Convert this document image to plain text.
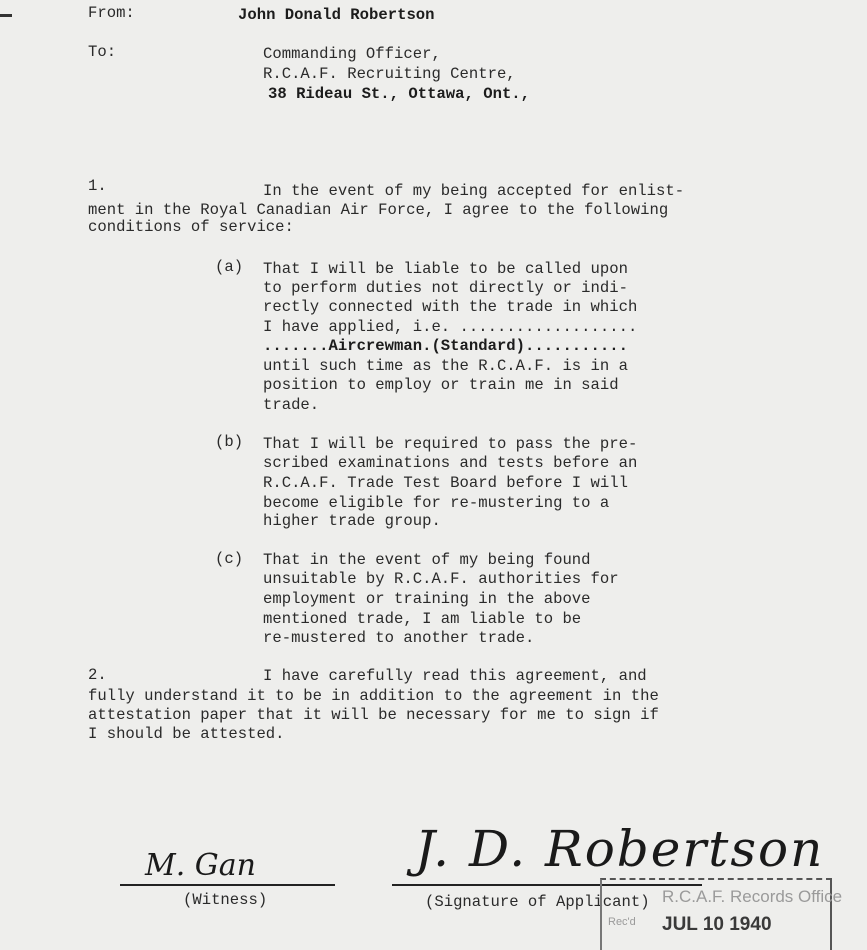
From:	John Donald Robertson
To:	Commanding Officer,
R.C.A.F. Recruiting Centre,
38 Rideau St., Ottawa, Ont.,
1.	In the event of my being accepted for enlist-
ment in the Royal Canadian Air Force, I agree to the following
conditions of service:
(a) That I will be liable to be called upon
to perform duties not directly or indi-
rectly connected with the trade in which
I have applied, i.e. ...................
.......Aircrewman.(Standard)...........
until such time as the R.C.A.F. is in a
position to employ or train me in said
trade.
(b) That I will be required to pass the pre-
scribed examinations and tests before an
R.C.A.F. Trade Test Board before I will
become eligible for re-mustering to a
higher trade group.
(c) That in the event of my being found
unsuitable by R.C.A.F. authorities for
employment or training in the above
mentioned trade, I am liable to be
re-mustered to another trade.
2.	I have carefully read this agreement, and
fully understand it to be in addition to the agreement in the
attestation paper that it will be necessary for me to sign if
I should be attested.
M. Gan
(Witness)
J. D. Robertson
(Signature of Applicant) R.C.A.F. Records Office
Rec'd JUL 10 1940
